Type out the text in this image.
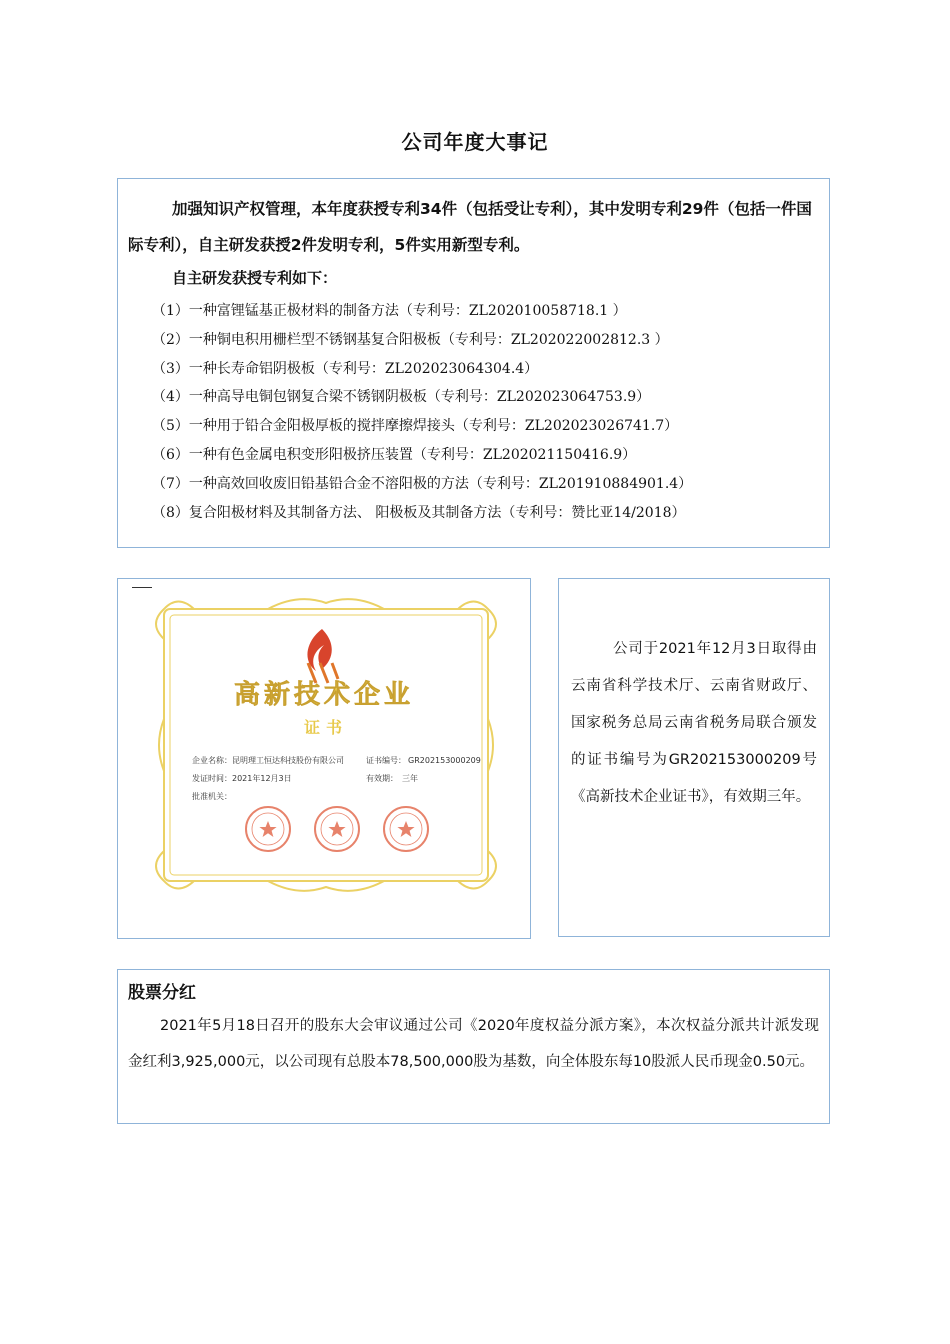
公司年度大事记
加强知识产权管理，本年度获授专利34件（包括受让专利），其中发明专利29件（包括一件国际专利），自主研发获授2件发明专利，5件实用新型专利。
自主研发获授专利如下：
（1）一种富锂锰基正极材料的制备方法（专利号：ZL202010058718.1 ）
（2）一种铜电积用栅栏型不锈钢基复合阳极板（专利号：ZL202022002812.3 ）
（3）一种长寿命铝阴极板（专利号：ZL202023064304.4）
（4）一种高导电铜包钢复合梁不锈钢阴极板（专利号：ZL202023064753.9）
（5）一种用于铅合金阳极厚板的搅拌摩擦焊接头（专利号：ZL202023026741.7）
（6）一种有色金属电积变形阳极挤压装置（专利号：ZL202021150416.9）
（7）一种高效回收废旧铅基铅合金不溶阳极的方法（专利号：ZL201910884901.4）
（8）复合阳极材料及其制备方法、 阳极板及其制备方法（专利号：赞比亚14/2018）
高新技术企业
证书
企业名称： 昆明理工恒达科技股份有限公司	证书编号： GR202153000209
发证时间： 2021年12月3日	有效期： 三年
批准机关：
公司于2021年12月3日取得由云南省科学技术厅、云南省财政厅、国家税务总局云南省税务局联合颁发的证书编号为GR202153000209号《高新技术企业证书》，有效期三年。
股票分红
2021年5月18日召开的股东大会审议通过公司《2020年度权益分派方案》，本次权益分派共计派发现金红利3,925,000元，以公司现有总股本78,500,000股为基数，向全体股东每10股派人民币现金0.50元。
